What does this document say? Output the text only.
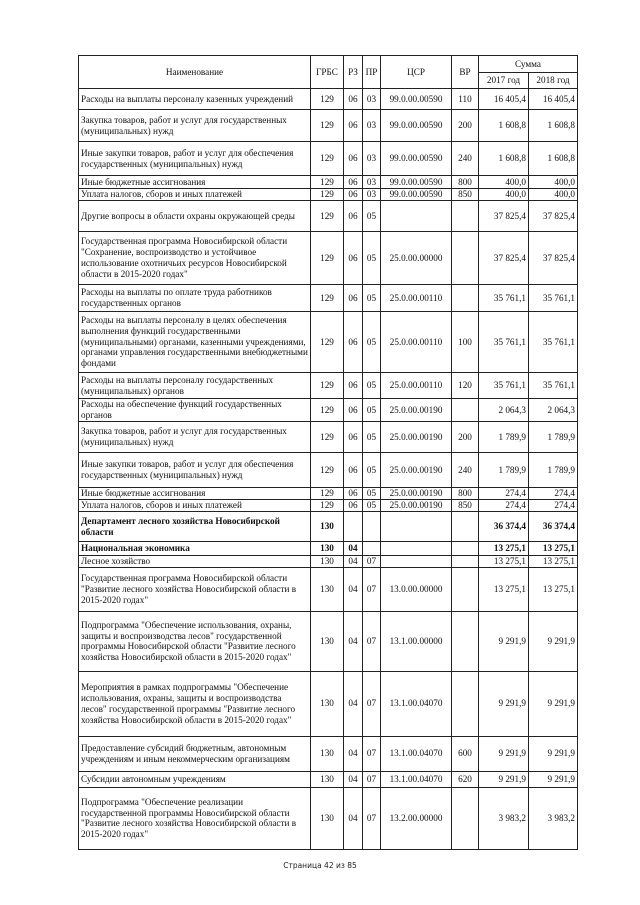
Наименование	ГРБС	РЗ	ПР	ЦСР	ВР	Сумма	
						2017 год	2018 год
Расходы на выплаты персоналу казенных учреждений	129	06	03	99.0.00.00590	110	16 405,4	16 405,4
Закупка товаров, работ и услуг для государственных (муниципальных) нужд	129	06	03	99.0.00.00590	200	1 608,8	1 608,8
Иные закупки товаров, работ и услуг для обеспечения государственных (муниципальных) нужд	129	06	03	99.0.00.00590	240	1 608,8	1 608,8
Иные бюджетные ассигнования	129	06	03	99.0.00.00590	800	400,0	400,0
Уплата налогов, сборов и иных платежей	129	06	03	99.0.00.00590	850	400,0	400,0
Другие вопросы в области охраны окружающей среды	129	06	05			37 825,4	37 825,4
Государственная программа Новосибирской области "Сохранение, воспроизводство и устойчивое использование охотничьих ресурсов Новосибирской области в 2015-2020 годах"	129	06	05	25.0.00.00000		37 825,4	37 825,4
Расходы на выплаты по оплате труда работников государственных органов	129	06	05	25.0.00.00110		35 761,1	35 761,1
Расходы на выплаты персоналу в целях обеспечения выполнения функций государственными (муниципальными) органами, казенными учреждениями, органами управления государственными внебюджетными фондами	129	06	05	25.0.00.00110	100	35 761,1	35 761,1
Расходы на выплаты персоналу государственных (муниципальных) органов	129	06	05	25.0.00.00110	120	35 761,1	35 761,1
Расходы на обеспечение функций государственных органов	129	06	05	25.0.00.00190		2 064,3	2 064,3
Закупка товаров, работ и услуг для государственных (муниципальных) нужд	129	06	05	25.0.00.00190	200	1 789,9	1 789,9
Иные закупки товаров, работ и услуг для обеспечения государственных (муниципальных) нужд	129	06	05	25.0.00.00190	240	1 789,9	1 789,9
Иные бюджетные ассигнования	129	06	05	25.0.00.00190	800	274,4	274,4
Уплата налогов, сборов и иных платежей	129	06	05	25.0.00.00190	850	274,4	274,4
Департамент лесного хозяйства Новосибирской области	130					36 374,4	36 374,4
Национальная экономика	130	04				13 275,1	13 275,1
Лесное хозяйство	130	04	07			13 275,1	13 275,1
Государственная программа Новосибирской области "Развитие лесного хозяйства Новосибирской области в 2015-2020 годах"	130	04	07	13.0.00.00000		13 275,1	13 275,1
Подпрограмма "Обеспечение использования, охраны, защиты и воспроизводства лесов" государственной программы Новосибирской области "Развитие лесного хозяйства Новосибирской области в 2015-2020 годах"	130	04	07	13.1.00.00000		9 291,9	9 291,9
Мероприятия в рамках подпрограммы "Обеспечение использования, охраны, защиты и воспроизводства лесов" государственной программы "Развитие лесного хозяйства Новосибирской области в 2015-2020 годах"	130	04	07	13.1.00.04070		9 291,9	9 291,9
Предоставление субсидий бюджетным, автономным учреждениям и иным некоммерческим организациям	130	04	07	13.1.00.04070	600	9 291,9	9 291,9
Субсидии автономным учреждениям	130	04	07	13.1.00.04070	620	9 291,9	9 291,9
Подпрограмма "Обеспечение реализации государственной программы Новосибирской области "Развитие лесного хозяйства Новосибирской области в 2015-2020 годах"	130	04	07	13.2.00.00000		3 983,2	3 983,2
Страница 42 из 85
